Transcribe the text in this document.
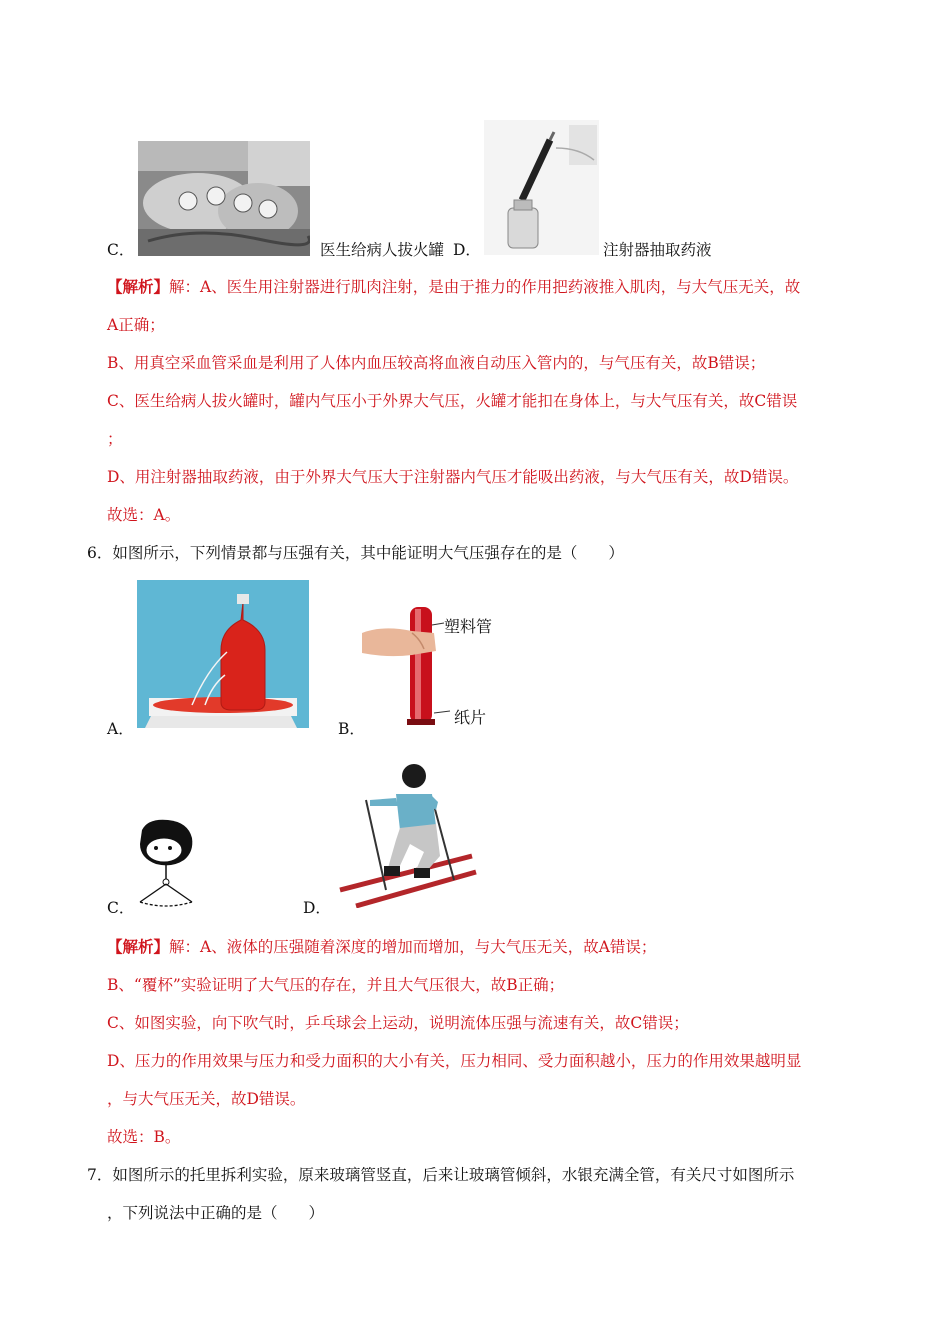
C．	医生给病人拔火罐 D．	注射器抽取药液
【解析】解：A、医生用注射器进行肌肉注射，是由于推力的作用把药液推入肌肉，与大气压无关，故
A正确；
B、用真空采血管采血是利用了人体内血压较高将血液自动压入管内的，与气压有关，故B错误；
C、医生给病人拔火罐时，罐内气压小于外界大气压，火罐才能扣在身体上，与大气压有关，故C错误
；
D、用注射器抽取药液，由于外界大气压大于注射器内气压才能吸出药液，与大气压有关，故D错误。
故选：A。
6．如图所示，下列情景都与压强有关，其中能证明大气压强存在的是（　　）
A．	B．
塑料管
纸片
C．	D．
【解析】解：A、液体的压强随着深度的增加而增加，与大气压无关，故A错误；
B、“覆杯”实验证明了大气压的存在，并且大气压很大，故B正确；
C、如图实验，向下吹气时，乒乓球会上运动，说明流体压强与流速有关，故C错误；
D、压力的作用效果与压力和受力面积的大小有关，压力相同、受力面积越小，压力的作用效果越明显
，与大气压无关，故D错误。
故选：B。
7．如图所示的托里拆利实验，原来玻璃管竖直，后来让玻璃管倾斜，水银充满全管，有关尺寸如图所示
，下列说法中正确的是（　　）
